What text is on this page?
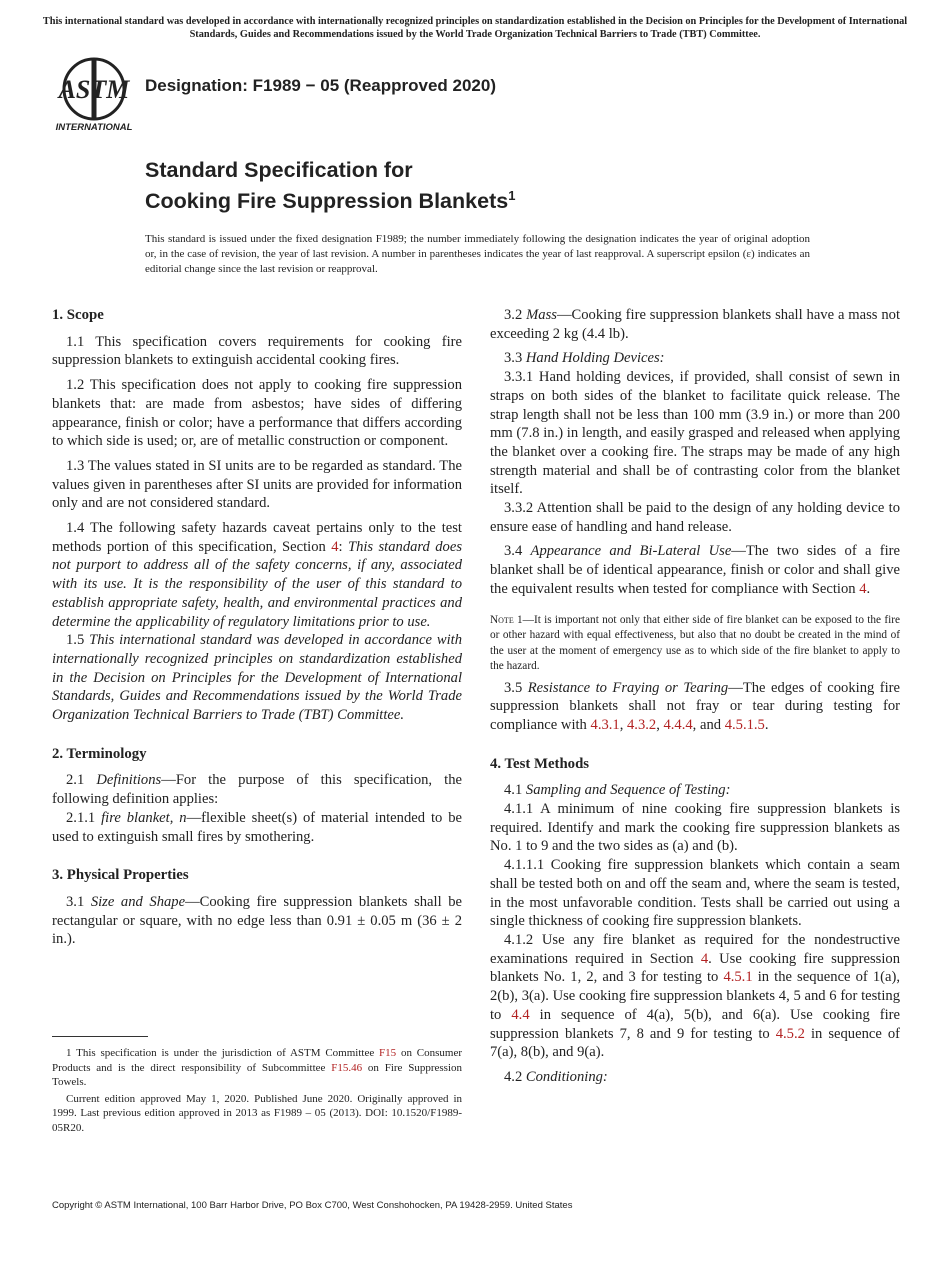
This international standard was developed in accordance with internationally recognized principles on standardization established in the Decision on Principles for the Development of International Standards, Guides and Recommendations issued by the World Trade Organization Technical Barriers to Trade (TBT) Committee.
ASTM
INTERNATIONAL
Designation: F1989 − 05 (Reapproved 2020)
Standard Specification for
Cooking Fire Suppression Blankets$^1$
This standard is issued under the fixed designation F1989; the number immediately following the designation indicates the year of original adoption or, in the case of revision, the year of last revision. A number in parentheses indicates the year of last reapproval. A superscript epsilon (ε) indicates an editorial change since the last revision or reapproval.
1. Scope

1.1 This specification covers requirements for cooking fire suppression blankets to extinguish accidental cooking fires.

1.2 This specification does not apply to cooking fire suppression blankets that: are made from asbestos; have sides of differing appearance, finish or color; have a performance that differs according to which side is used; or, are of metallic construction or component.

1.3 The values stated in SI units are to be regarded as standard. The values given in parentheses after SI units are provided for information only and are not considered standard.

1.4 The following safety hazards caveat pertains only to the test methods portion of this specification, Section 4: This standard does not purport to address all of the safety concerns, if any, associated with its use. It is the responsibility of the user of this standard to establish appropriate safety, health, and environmental practices and determine the applicability of regulatory limitations prior to use.

1.5 This international standard was developed in accordance with internationally recognized principles on standardization established in the Decision on Principles for the Development of International Standards, Guides and Recommendations issued by the World Trade Organization Technical Barriers to Trade (TBT) Committee.

2. Terminology

2.1 Definitions—For the purpose of this specification, the following definition applies:

2.1.1 fire blanket, n—flexible sheet(s) of material intended to be used to extinguish small fires by smothering.

3. Physical Properties

3.1 Size and Shape—Cooking fire suppression blankets shall be rectangular or square, with no edge less than 0.91 ± 0.05 m (36 ± 2 in.).

3.2 Mass—Cooking fire suppression blankets shall have a mass not exceeding 2 kg (4.4 lb).

3.3 Hand Holding Devices:

3.3.1 Hand holding devices, if provided, shall consist of sewn in straps on both sides of the blanket to facilitate quick release. The strap length shall not be less than 100 mm (3.9 in.) or more than 200 mm (7.8 in.) in length, and easily grasped and released when applying the blanket over a cooking fire. The straps may be made of any high strength material and shall be of contrasting color from the blanket itself.

3.3.2 Attention shall be paid to the design of any holding device to ensure ease of handling and hand release.

3.4 Appearance and Bi-Lateral Use—The two sides of a fire blanket shall be of identical appearance, finish or color and shall give the equivalent results when tested for compliance with Section 4.

Note 1—It is important not only that either side of fire blanket can be exposed to the fire or other hazard with equal effectiveness, but also that no doubt be created in the mind of the user at the moment of emergency use as to which side of the fire blanket to apply to the hazard.

3.5 Resistance to Fraying or Tearing—The edges of cooking fire suppression blankets shall not fray or tear during testing for compliance with 4.3.1, 4.3.2, 4.4.4, and 4.5.1.5.

4. Test Methods

4.1 Sampling and Sequence of Testing:

4.1.1 A minimum of nine cooking fire suppression blankets is required. Identify and mark the cooking fire suppression blankets as No. 1 to 9 and the two sides as (a) and (b).

4.1.1.1 Cooking fire suppression blankets which contain a seam shall be tested both on and off the seam and, where the seam is tested, in the most unfavorable condition. Tests shall be carried out using a single thickness of cooking fire suppression blankets.

4.1.2 Use any fire blanket as required for the nondestructive examinations required in Section 4. Use cooking fire suppression blankets No. 1, 2, and 3 for testing to 4.5.1 in the sequence of 1(a), 2(b), 3(a). Use cooking fire suppression blankets 4, 5 and 6 for testing to 4.4 in sequence of 4(a), 5(b), and 6(a). Use cooking fire suppression blankets 7, 8 and 9 for testing to 4.5.2 in sequence of 7(a), 8(b), and 9(a).

4.2 Conditioning:

1 This specification is under the jurisdiction of ASTM Committee F15 on Consumer Products and is the direct responsibility of Subcommittee F15.46 on Fire Suppression Towels.

Current edition approved May 1, 2020. Published June 2020. Originally approved in 1999. Last previous edition approved in 2013 as F1989 – 05 (2013). DOI: 10.1520/F1989-05R20.

Copyright © ASTM International, 100 Barr Harbor Drive, PO Box C700, West Conshohocken, PA 19428-2959. United States
